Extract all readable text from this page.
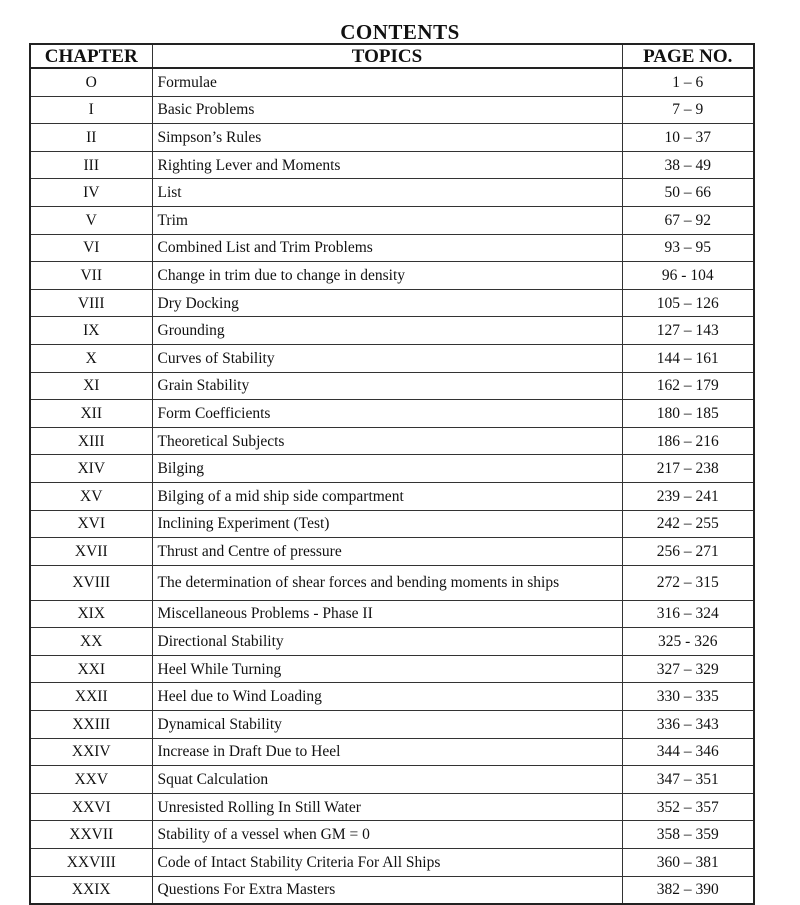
CONTENTS
CHAPTER	TOPICS	PAGE NO.
O	Formulae	1 – 6
I	Basic Problems	7 – 9
II	Simpson’s Rules	10 – 37
III	Righting Lever and Moments	38 – 49
IV	List	50 – 66
V	Trim	67 – 92
VI	Combined List and Trim Problems	93 – 95
VII	Change in trim due to change in density	96 - 104
VIII	Dry Docking	105 – 126
IX	Grounding	127 – 143
X	Curves of Stability	144 – 161
XI	Grain Stability	162 – 179
XII	Form Coefficients	180 – 185
XIII	Theoretical Subjects	186 – 216
XIV	Bilging	217 – 238
XV	Bilging of a mid ship side compartment	239 – 241
XVI	Inclining Experiment (Test)	242 – 255
XVII	Thrust and Centre of pressure	256 – 271
XVIII	The determination of shear forces and bending moments in ships	272 – 315
XIX	Miscellaneous Problems - Phase II	316 – 324
XX	Directional Stability	325 - 326
XXI	Heel While Turning	327 – 329
XXII	Heel due to Wind Loading	330 – 335
XXIII	Dynamical Stability	336 – 343
XXIV	Increase in Draft Due to Heel	344 – 346
XXV	Squat Calculation	347 – 351
XXVI	Unresisted Rolling In Still Water	352 – 357
XXVII	Stability of a vessel when GM = 0	358 – 359
XXVIII	Code of Intact Stability Criteria For All Ships	360 – 381
XXIX	Questions For Extra Masters	382 – 390
